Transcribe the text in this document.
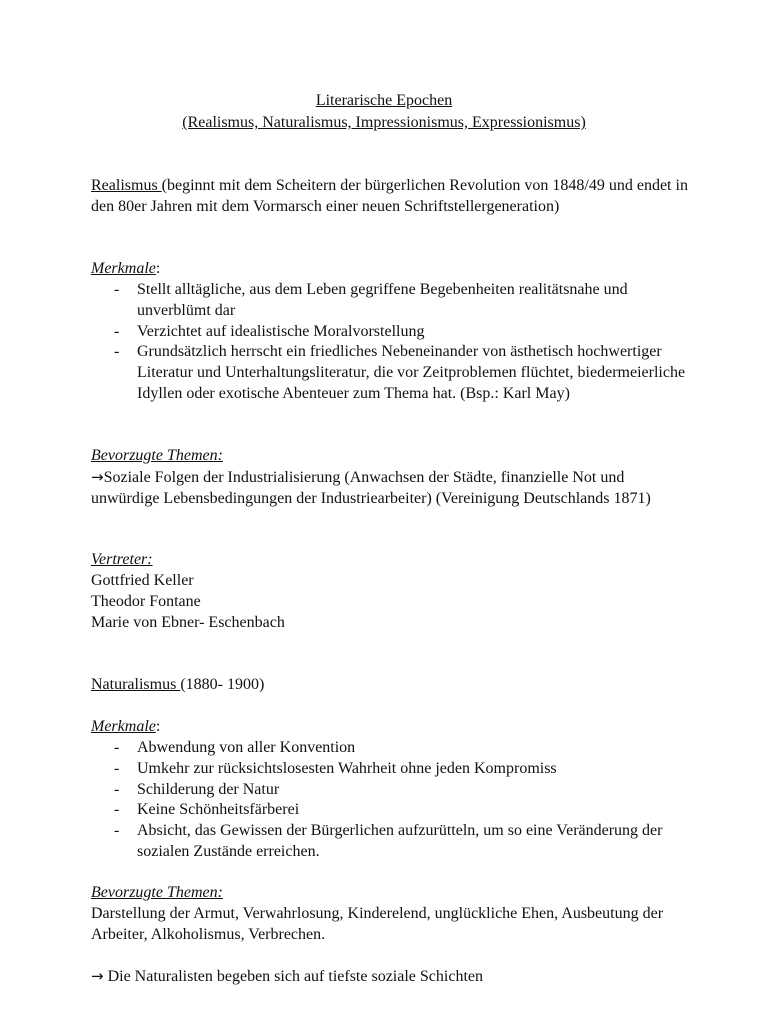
Literarische Epochen
(Realismus, Naturalismus, Impressionismus, Expressionismus)
Realismus (beginnt mit dem Scheitern der bürgerlichen Revolution von 1848/49 und endet in den 80er Jahren mit dem Vormarsch einer neuen Schriftstellergeneration)
Merkmale:
- Stellt alltägliche, aus dem Leben gegriffene Begebenheiten realitätsnahe und unverblümt dar
- Verzichtet auf idealistische Moralvorstellung
- Grundsätzlich herrscht ein friedliches Nebeneinander von ästhetisch hochwertiger Literatur und Unterhaltungsliteratur, die vor Zeitproblemen flüchtet, biedermeierliche Idyllen oder exotische Abenteuer zum Thema hat. (Bsp.: Karl May)
Bevorzugte Themen:
→Soziale Folgen der Industrialisierung (Anwachsen der Städte, finanzielle Not und unwürdige Lebensbedingungen der Industriearbeiter) (Vereinigung Deutschlands 1871)
Vertreter:
Gottfried Keller
Theodor Fontane
Marie von Ebner- Eschenbach
Naturalismus (1880- 1900)
Merkmale:
- Abwendung von aller Konvention
- Umkehr zur rücksichtslosesten Wahrheit ohne jeden Kompromiss
- Schilderung der Natur
- Keine Schönheitsfärberei
- Absicht, das Gewissen der Bürgerlichen aufzurütteln, um so eine Veränderung der sozialen Zustände erreichen.
Bevorzugte Themen:
Darstellung der Armut, Verwahrlosung, Kinderelend, unglückliche Ehen, Ausbeutung der Arbeiter, Alkoholismus, Verbrechen.
→ Die Naturalisten begeben sich auf tiefste soziale Schichten
